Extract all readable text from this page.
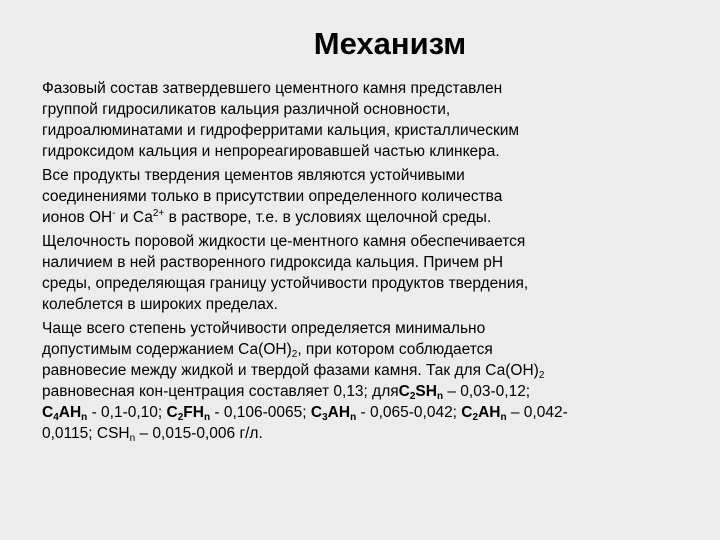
Механизм
Фазовый состав затвердевшего цементного камня представлен
группой гидросиликатов кальция различной основности,
гидроалюминатами и гидроферритами кальция, кристаллическим
гидроксидом кальция и непрореагировавшей частью клинкера.
Все продукты твердения цементов являются устойчивыми
соединениями только в присутствии определенного количества
ионов ОН- и $Са^{2+}$ в растворе, т.е. в условиях щелочной среды.
Щелочность поровой жидкости це-ментного камня обеспечивается
наличием в ней растворенного гидроксида кальция. Причем рН
среды, определяющая границу устойчивости продуктов твердения,
колеблется в широких пределах.
Чаще всего степень устойчивости определяется минимально
допустимым содержанием $Са(ОН)_2$, при котором соблюдается
равновесие между жидкой и твердой фазами камня. Так для $Са(ОН)_2$
равновесная кон-центрация составляет 0,13; $дляС_2SH_n - 0,03-0,12$;
$С_4АН_n - 0,1-0,10$; $С_2FH_n - 0,106-0065$; $С_3АН_n - 0,065-0,042$; $С_2АН_n - 0,042-$
0,0115; $CSH_n - 0,015-0,006$ г/л.
